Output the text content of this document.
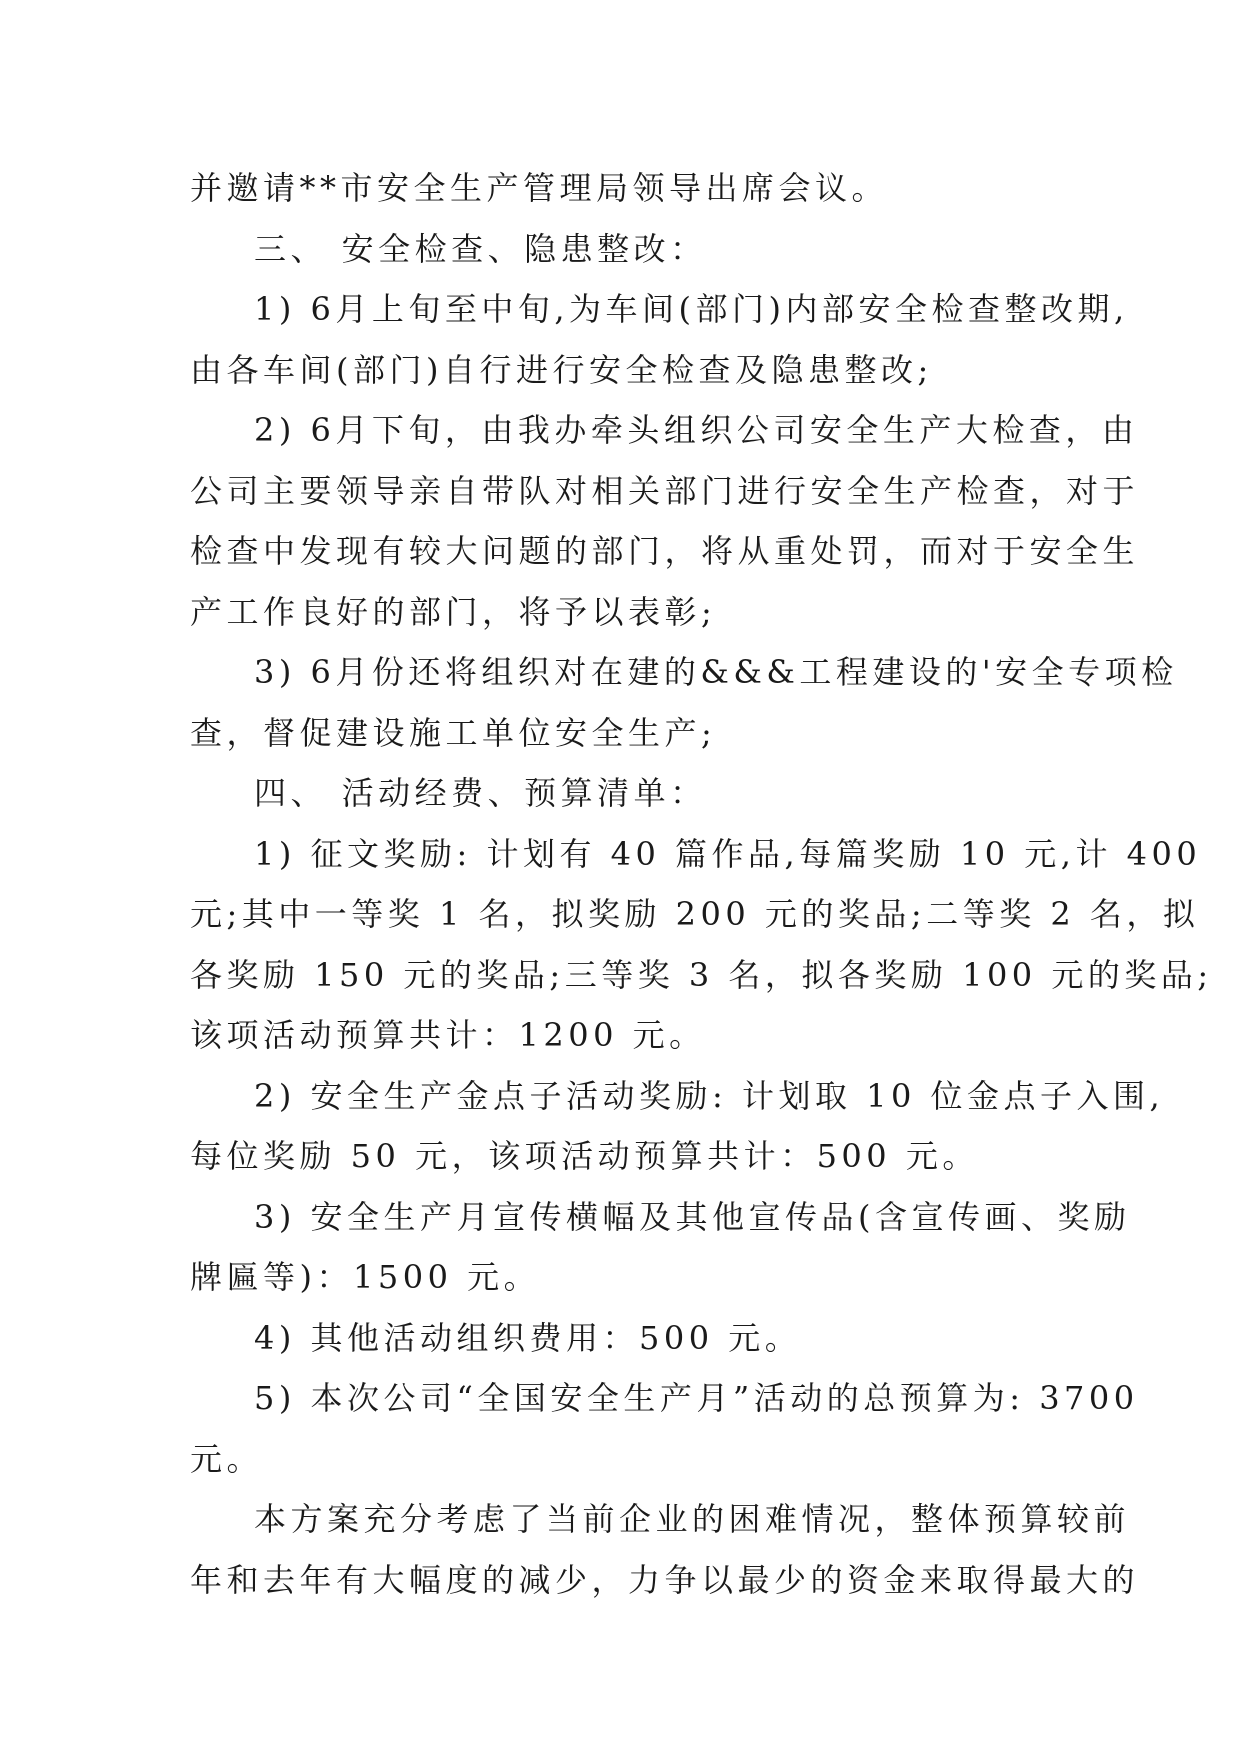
并邀请**市安全生产管理局领导出席会议。

三、 安全检查、隐患整改：

1) 6月上旬至中旬,为车间(部门)内部安全检查整改期,

由各车间(部门)自行进行安全检查及隐患整改;

2) 6月下旬，由我办牵头组织公司安全生产大检查，由

公司主要领导亲自带队对相关部门进行安全生产检查，对于

检查中发现有较大问题的部门，将从重处罚，而对于安全生

产工作良好的部门，将予以表彰;

3) 6月份还将组织对在建的&&&工程建设的'安全专项检

查，督促建设施工单位安全生产;

四、 活动经费、预算清单：

1) 征文奖励: 计划有 40 篇作品,每篇奖励 10 元,计 400

元;其中一等奖 1 名，拟奖励 200 元的奖品;二等奖 2 名，拟

各奖励 150 元的奖品;三等奖 3 名，拟各奖励 100 元的奖品;

该项活动预算共计：1200 元。

2) 安全生产金点子活动奖励: 计划取 10 位金点子入围,

每位奖励 50 元，该项活动预算共计：500 元。

3) 安全生产月宣传横幅及其他宣传品(含宣传画、奖励

牌匾等)：1500 元。

4) 其他活动组织费用：500 元。

5) 本次公司“全国安全生产月”活动的总预算为: 3700

元。

本方案充分考虑了当前企业的困难情况，整体预算较前

年和去年有大幅度的减少，力争以最少的资金来取得最大的
